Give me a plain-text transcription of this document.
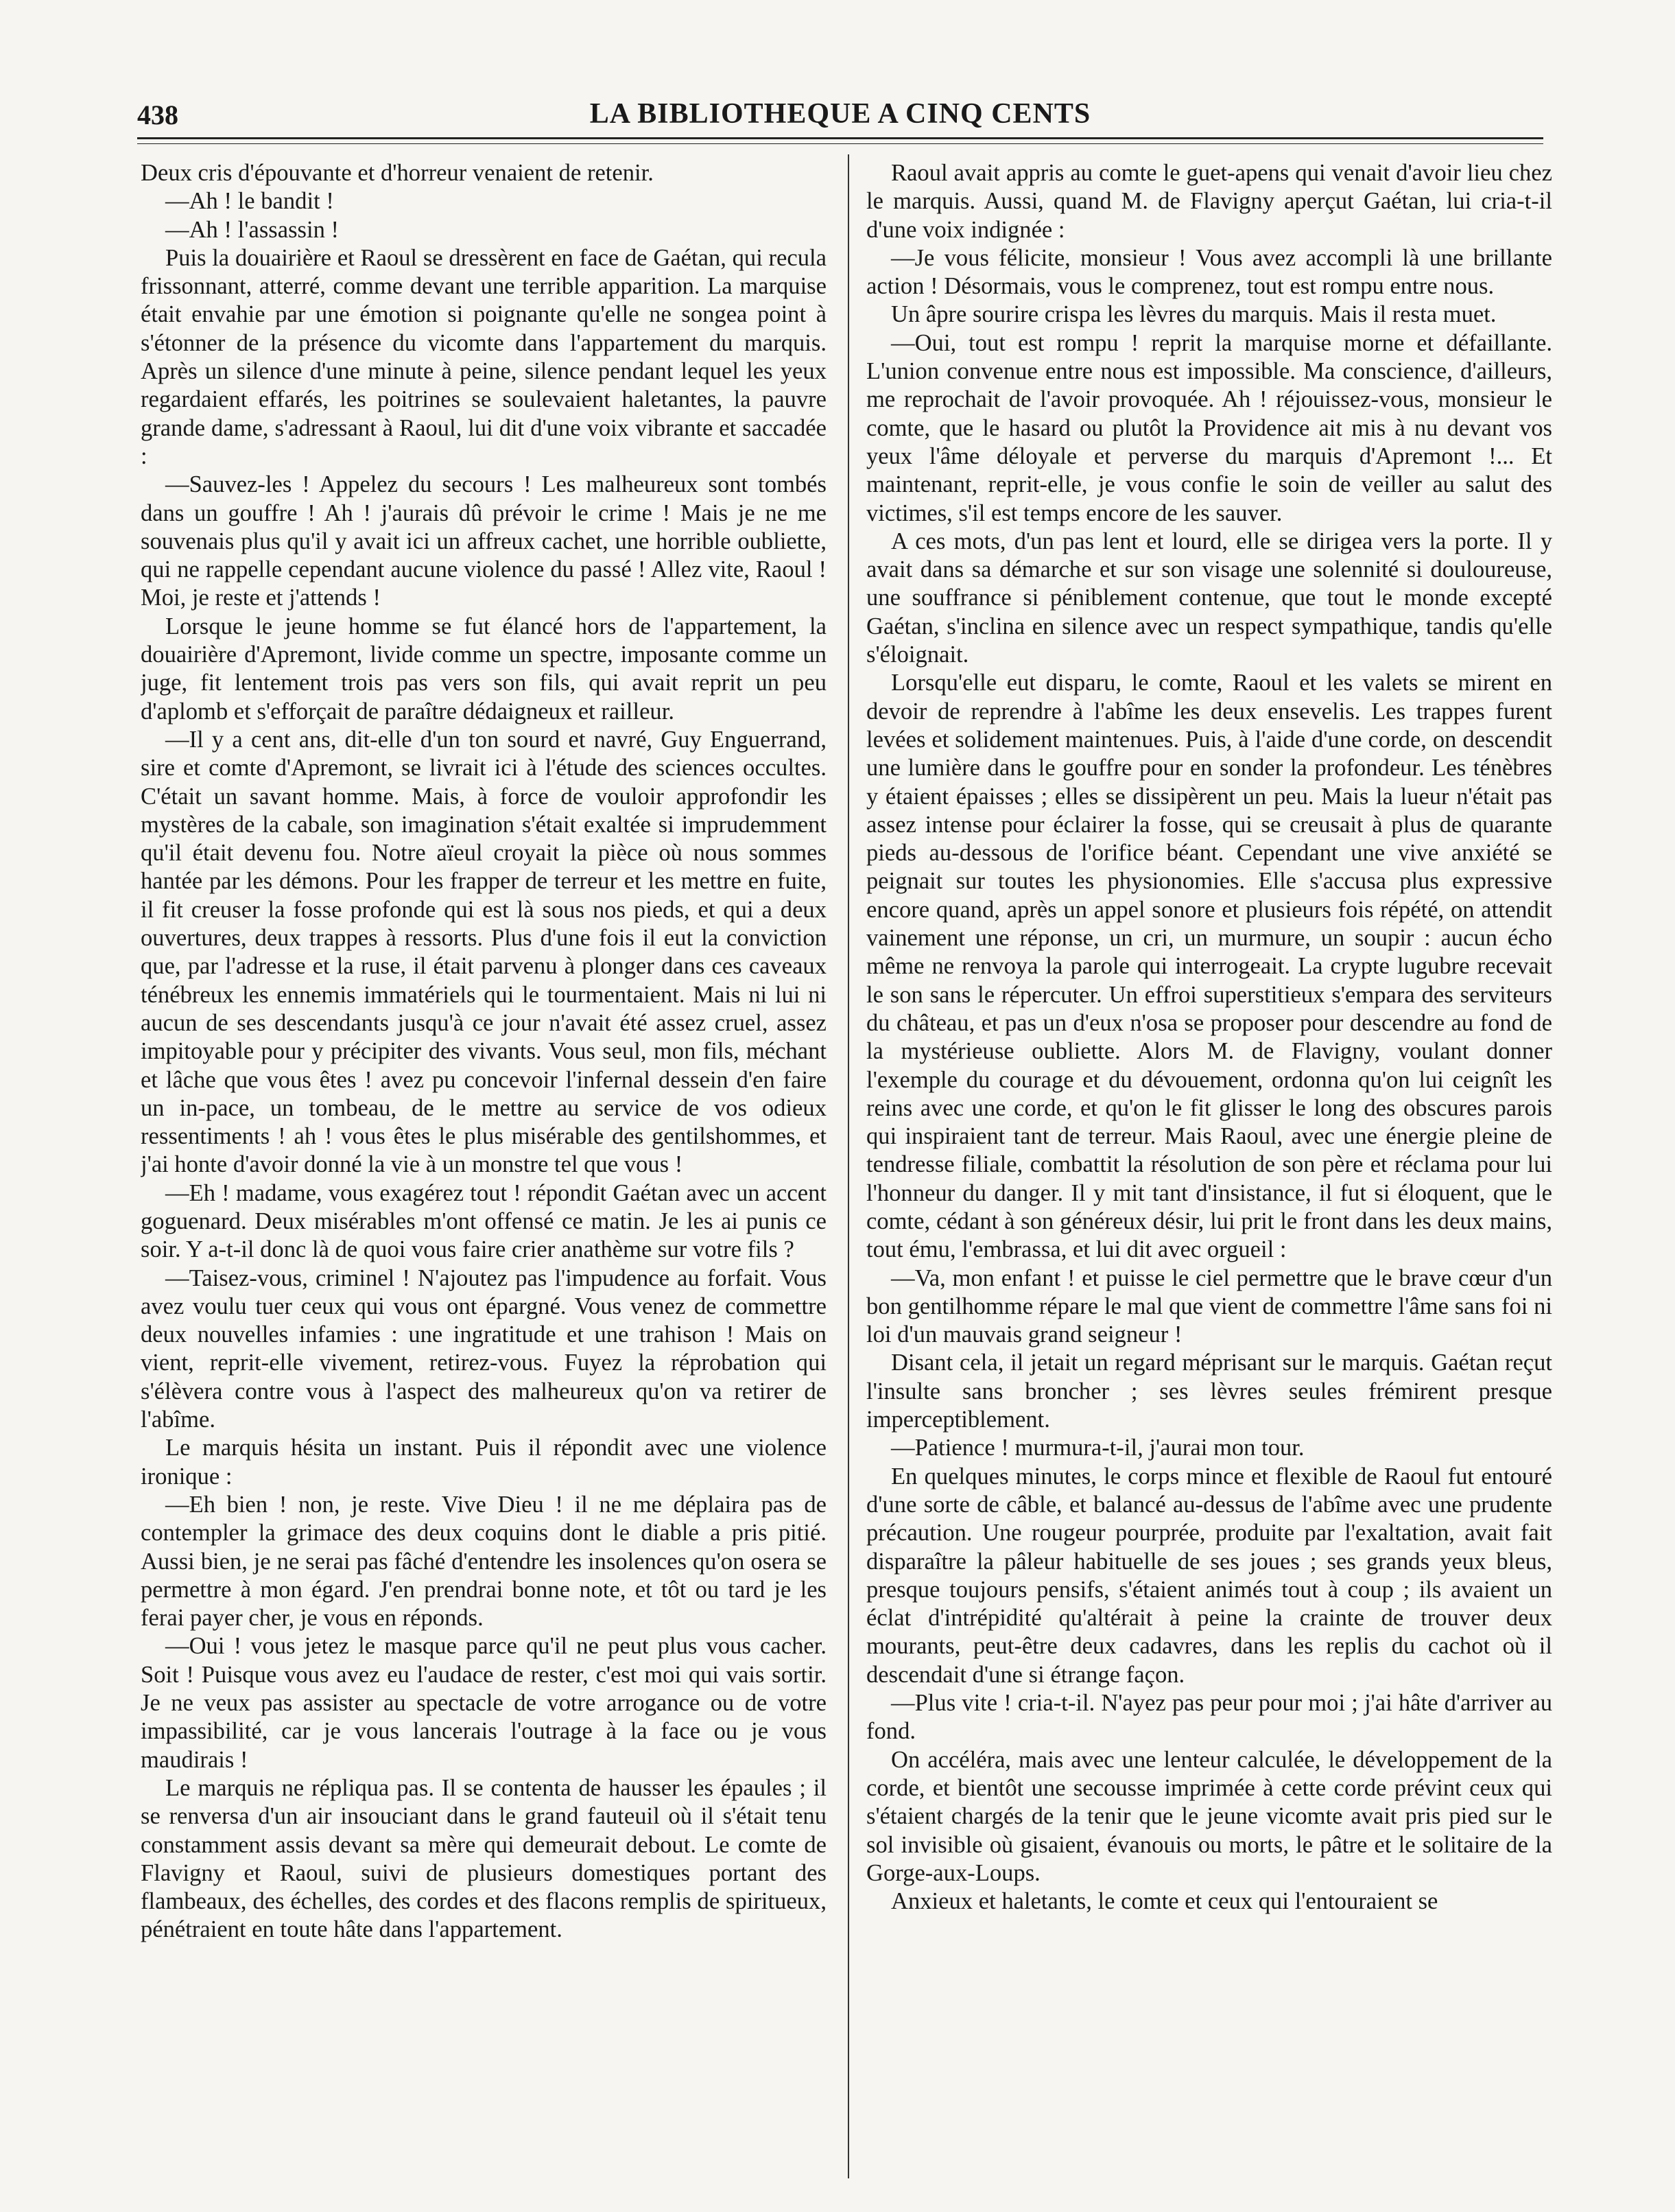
438	LA BIBLIOTHEQUE A CINQ CENTS

Deux cris d'épouvante et d'horreur venaient de retenir.

—Ah ! le bandit !

—Ah ! l'assassin !

Puis la douairière et Raoul se dressèrent en face de Gaétan, qui recula frissonnant, atterré, comme devant une terrible apparition. La marquise était envahie par une émotion si poignante qu'elle ne songea point à s'étonner de la présence du vicomte dans l'appartement du marquis. Après un silence d'une minute à peine, silence pendant lequel les yeux regardaient effarés, les poitrines se soulevaient haletantes, la pauvre grande dame, s'adressant à Raoul, lui dit d'une voix vibrante et saccadée :

—Sauvez-les ! Appelez du secours ! Les malheureux sont tombés dans un gouffre ! Ah ! j'aurais dû prévoir le crime ! Mais je ne me souvenais plus qu'il y avait ici un affreux cachet, une horrible oubliette, qui ne rappelle cependant aucune violence du passé ! Allez vite, Raoul ! Moi, je reste et j'attends !

Lorsque le jeune homme se fut élancé hors de l'appartement, la douairière d'Apremont, livide comme un spectre, imposante comme un juge, fit lentement trois pas vers son fils, qui avait reprit un peu d'aplomb et s'efforçait de paraître dédaigneux et railleur.

—Il y a cent ans, dit-elle d'un ton sourd et navré, Guy Enguerrand, sire et comte d'Apremont, se livrait ici à l'étude des sciences occultes. C'était un savant homme. Mais, à force de vouloir approfondir les mystères de la cabale, son imagination s'était exaltée si imprudemment qu'il était devenu fou. Notre aïeul croyait la pièce où nous sommes hantée par les démons. Pour les frapper de terreur et les mettre en fuite, il fit creuser la fosse profonde qui est là sous nos pieds, et qui a deux ouvertures, deux trappes à ressorts. Plus d'une fois il eut la conviction que, par l'adresse et la ruse, il était parvenu à plonger dans ces caveaux ténébreux les ennemis immatériels qui le tourmentaient. Mais ni lui ni aucun de ses descendants jusqu'à ce jour n'avait été assez cruel, assez impitoyable pour y précipiter des vivants. Vous seul, mon fils, méchant et lâche que vous êtes ! avez pu concevoir l'infernal dessein d'en faire un in-pace, un tombeau, de le mettre au service de vos odieux ressentiments ! ah ! vous êtes le plus misérable des gentilshommes, et j'ai honte d'avoir donné la vie à un monstre tel que vous !

—Eh ! madame, vous exagérez tout ! répondit Gaétan avec un accent goguenard. Deux misérables m'ont offensé ce matin. Je les ai punis ce soir. Y a-t-il donc là de quoi vous faire crier anathème sur votre fils ?

—Taisez-vous, criminel ! N'ajoutez pas l'impudence au forfait. Vous avez voulu tuer ceux qui vous ont épargné. Vous venez de commettre deux nouvelles infamies : une ingratitude et une trahison ! Mais on vient, reprit-elle vivement, retirez-vous. Fuyez la réprobation qui s'élèvera contre vous à l'aspect des malheureux qu'on va retirer de l'abîme.

Le marquis hésita un instant. Puis il répondit avec une violence ironique :

—Eh bien ! non, je reste. Vive Dieu ! il ne me déplaira pas de contempler la grimace des deux coquins dont le diable a pris pitié. Aussi bien, je ne serai pas fâché d'entendre les insolences qu'on osera se permettre à mon égard. J'en prendrai bonne note, et tôt ou tard je les ferai payer cher, je vous en réponds.

—Oui ! vous jetez le masque parce qu'il ne peut plus vous cacher. Soit ! Puisque vous avez eu l'audace de rester, c'est moi qui vais sortir. Je ne veux pas assister au spectacle de votre arrogance ou de votre impassibilité, car je vous lancerais l'outrage à la face ou je vous maudirais !

Le marquis ne répliqua pas. Il se contenta de hausser les épaules ; il se renversa d'un air insouciant dans le grand fauteuil où il s'était tenu constamment assis devant sa mère qui demeurait debout. Le comte de Flavigny et Raoul, suivi de plusieurs domestiques portant des flambeaux, des échelles, des cordes et des flacons remplis de spiritueux, pénétraient en toute hâte dans l'appartement.

Raoul avait appris au comte le guet-apens qui venait d'avoir lieu chez le marquis. Aussi, quand M. de Flavigny aperçut Gaétan, lui cria-t-il d'une voix indignée :

—Je vous félicite, monsieur ! Vous avez accompli là une brillante action ! Désormais, vous le comprenez, tout est rompu entre nous.

Un âpre sourire crispa les lèvres du marquis. Mais il resta muet.

—Oui, tout est rompu ! reprit la marquise morne et défaillante. L'union convenue entre nous est impossible. Ma conscience, d'ailleurs, me reprochait de l'avoir provoquée. Ah ! réjouissez-vous, monsieur le comte, que le hasard ou plutôt la Providence ait mis à nu devant vos yeux l'âme déloyale et perverse du marquis d'Apremont !... Et maintenant, reprit-elle, je vous confie le soin de veiller au salut des victimes, s'il est temps encore de les sauver.

A ces mots, d'un pas lent et lourd, elle se dirigea vers la porte. Il y avait dans sa démarche et sur son visage une solennité si douloureuse, une souffrance si péniblement contenue, que tout le monde excepté Gaétan, s'inclina en silence avec un respect sympathique, tandis qu'elle s'éloignait.

Lorsqu'elle eut disparu, le comte, Raoul et les valets se mirent en devoir de reprendre à l'abîme les deux ensevelis. Les trappes furent levées et solidement maintenues. Puis, à l'aide d'une corde, on descendit une lumière dans le gouffre pour en sonder la profondeur. Les ténèbres y étaient épaisses ; elles se dissipèrent un peu. Mais la lueur n'était pas assez intense pour éclairer la fosse, qui se creusait à plus de quarante pieds au-dessous de l'orifice béant. Cependant une vive anxiété se peignait sur toutes les physionomies. Elle s'accusa plus expressive encore quand, après un appel sonore et plusieurs fois répété, on attendit vainement une réponse, un cri, un murmure, un soupir : aucun écho même ne renvoya la parole qui interrogeait. La crypte lugubre recevait le son sans le répercuter. Un effroi superstitieux s'empara des serviteurs du château, et pas un d'eux n'osa se proposer pour descendre au fond de la mystérieuse oubliette. Alors M. de Flavigny, voulant donner l'exemple du courage et du dévouement, ordonna qu'on lui ceignît les reins avec une corde, et qu'on le fit glisser le long des obscures parois qui inspiraient tant de terreur. Mais Raoul, avec une énergie pleine de tendresse filiale, combattit la résolution de son père et réclama pour lui l'honneur du danger. Il y mit tant d'insistance, il fut si éloquent, que le comte, cédant à son généreux désir, lui prit le front dans les deux mains, tout ému, l'embrassa, et lui dit avec orgueil :

—Va, mon enfant ! et puisse le ciel permettre que le brave cœur d'un bon gentilhomme répare le mal que vient de commettre l'âme sans foi ni loi d'un mauvais grand seigneur !

Disant cela, il jetait un regard méprisant sur le marquis. Gaétan reçut l'insulte sans broncher ; ses lèvres seules frémirent presque imperceptiblement.

—Patience ! murmura-t-il, j'aurai mon tour.

En quelques minutes, le corps mince et flexible de Raoul fut entouré d'une sorte de câble, et balancé au-dessus de l'abîme avec une prudente précaution. Une rougeur pourprée, produite par l'exaltation, avait fait disparaître la pâleur habituelle de ses joues ; ses grands yeux bleus, presque toujours pensifs, s'étaient animés tout à coup ; ils avaient un éclat d'intrépidité qu'altérait à peine la crainte de trouver deux mourants, peut-être deux cadavres, dans les replis du cachot où il descendait d'une si étrange façon.

—Plus vite ! cria-t-il. N'ayez pas peur pour moi ; j'ai hâte d'arriver au fond.

On accéléra, mais avec une lenteur calculée, le développement de la corde, et bientôt une secousse imprimée à cette corde prévint ceux qui s'étaient chargés de la tenir que le jeune vicomte avait pris pied sur le sol invisible où gisaient, évanouis ou morts, le pâtre et le solitaire de la Gorge-aux-Loups.

Anxieux et haletants, le comte et ceux qui l'entouraient se
